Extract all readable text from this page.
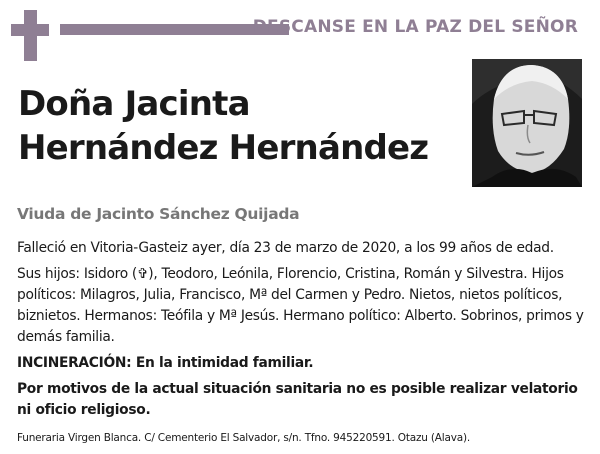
DESCANSE EN LA PAZ DEL SEÑOR
Doña Jacinta
Hernández Hernández
Viuda de Jacinto Sánchez Quijada

Falleció en Vitoria-Gasteiz ayer, día 23 de marzo de 2020, a los 99 años de edad.

Sus hijos: Isidoro (✞), Teodoro, Leónila, Florencio, Cristina, Román y Silvestra. Hijos políticos: Milagros, Julia, Francisco, Mª del Carmen y Pedro. Nietos, nietos políticos, biznietos. Hermanos: Teófila y Mª Jesús. Hermano político: Alberto. Sobrinos, primos y demás familia.

INCINERACIÓN: En la intimidad familiar.

Por motivos de la actual situación sanitaria no es posible realizar velatorio
ni oficio religioso.

Funeraria Virgen Blanca. C/ Cementerio El Salvador, s/n. Tfno. 945220591. Otazu (Alava).
